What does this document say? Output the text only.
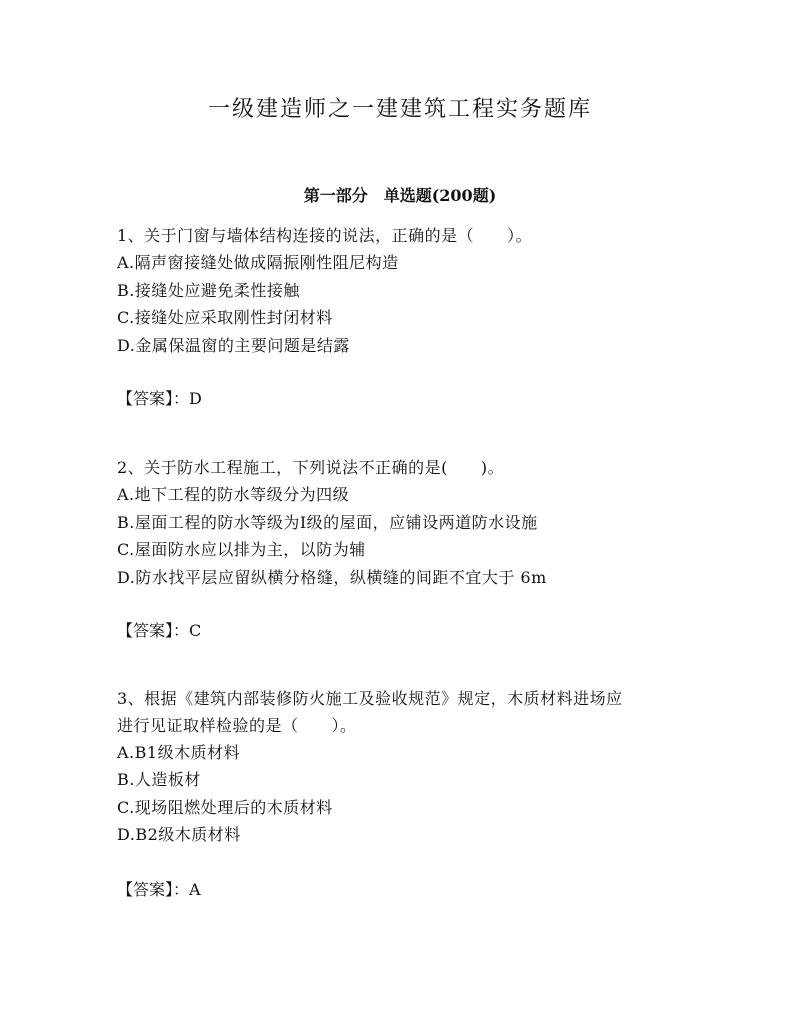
一级建造师之一建建筑工程实务题库
第一部分　单选题(200题)
1、关于门窗与墙体结构连接的说法，正确的是（　　）。
A.隔声窗接缝处做成隔振刚性阻尼构造
B.接缝处应避免柔性接触
C.接缝处应采取刚性封闭材料
D.金属保温窗的主要问题是结露
【答案】：D
2、关于防水工程施工，下列说法不正确的是(　　)。
A.地下工程的防水等级分为四级
B.屋面工程的防水等级为Ⅰ级的屋面，应铺设两道防水设施
C.屋面防水应以排为主，以防为辅
D.防水找平层应留纵横分格缝，纵横缝的间距不宜大于 6m
【答案】：C
3、根据《建筑内部装修防火施工及验收规范》规定，木质材料进场应
进行见证取样检验的是（　　）。
A.B1级木质材料
B.人造板材
C.现场阻燃处理后的木质材料
D.B2级木质材料
【答案】：A
